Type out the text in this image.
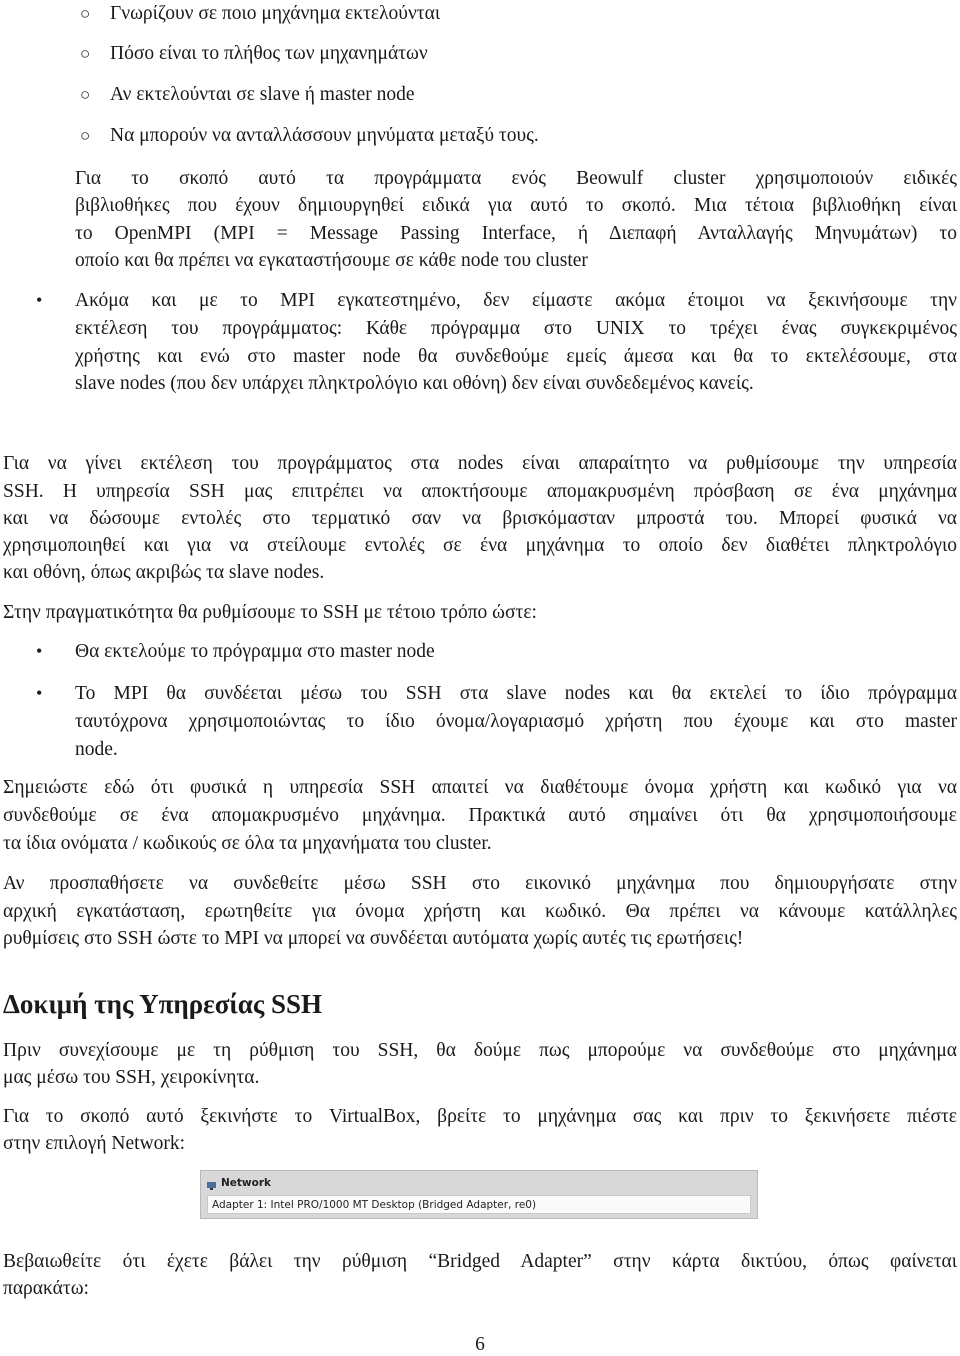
○ Γνωρίζουν σε ποιο μηχάνημα εκτελούνται
○ Πόσο είναι το πλήθος των μηχανημάτων
○ Αν εκτελούνται σε slave ή master node
○ Να μπορούν να ανταλλάσσουν μηνύματα μεταξύ τους.
Για το σκοπό αυτό τα προγράμματα ενός Beowulf cluster χρησιμοποιούν ειδικές
βιβλιοθήκες που έχουν δημιουργηθεί ειδικά για αυτό το σκοπό. Μια τέτοια βιβλιοθήκη είναι
το OpenMPI (MPI = Message Passing Interface, ή Διεπαφή Ανταλλαγής Μηνυμάτων) το
οποίο και θα πρέπει να εγκαταστήσουμε σε κάθε node του cluster
• Ακόμα και με το MPI εγκατεστημένο, δεν είμαστε ακόμα έτοιμοι να ξεκινήσουμε την
εκτέλεση του προγράμματος: Κάθε πρόγραμμα στο UNIX το τρέχει ένας συγκεκριμένος
χρήστης και ενώ στο master node θα συνδεθούμε εμείς άμεσα και θα το εκτελέσουμε, στα
slave nodes (που δεν υπάρχει πληκτρολόγιο και οθόνη) δεν είναι συνδεδεμένος κανείς.
Για να γίνει εκτέλεση του προγράμματος στα nodes είναι απαραίτητο να ρυθμίσουμε την υπηρεσία
SSH. Η υπηρεσία SSH μας επιτρέπει να αποκτήσουμε απομακρυσμένη πρόσβαση σε ένα μηχάνημα
και να δώσουμε εντολές στο τερματικό σαν να βρισκόμασταν μπροστά του. Μπορεί φυσικά να
χρησιμοποιηθεί και για να στείλουμε εντολές σε ένα μηχάνημα το οποίο δεν διαθέτει πληκτρολόγιο
και οθόνη, όπως ακριβώς τα slave nodes.
Στην πραγματικότητα θα ρυθμίσουμε το SSH με τέτοιο τρόπο ώστε:
• Θα εκτελούμε το πρόγραμμα στο master node
• Το MPI θα συνδέεται μέσω του SSH στα slave nodes και θα εκτελεί το ίδιο πρόγραμμα
ταυτόχρονα χρησιμοποιώντας το ίδιο όνομα/λογαριασμό χρήστη που έχουμε και στο master
node.
Σημειώστε εδώ ότι φυσικά η υπηρεσία SSH απαιτεί να διαθέτουμε όνομα χρήστη και κωδικό για να
συνδεθούμε σε ένα απομακρυσμένο μηχάνημα. Πρακτικά αυτό σημαίνει ότι θα χρησιμοποιήσουμε
τα ίδια ονόματα / κωδικούς σε όλα τα μηχανήματα του cluster.
Αν προσπαθήσετε να συνδεθείτε μέσω SSH στο εικονικό μηχάνημα που δημιουργήσατε στην
αρχική εγκατάσταση, ερωτηθείτε για όνομα χρήστη και κωδικό. Θα πρέπει να κάνουμε κατάλληλες
ρυθμίσεις στο SSH ώστε το MPI να μπορεί να συνδέεται αυτόματα χωρίς αυτές τις ερωτήσεις!
Δοκιμή της Υπηρεσίας SSH
Πριν συνεχίσουμε με τη ρύθμιση του SSH, θα δούμε πως μπορούμε να συνδεθούμε στο μηχάνημα
μας μέσω του SSH, χειροκίνητα.
Για το σκοπό αυτό ξεκινήστε το VirtualBox, βρείτε το μηχάνημα σας και πριν το ξεκινήσετε πιέστε
στην επιλογή Network:
Network
Adapter 1: Intel PRO/1000 MT Desktop (Bridged Adapter, re0)
Βεβαιωθείτε ότι έχετε βάλει την ρύθμιση “Bridged Adapter” στην κάρτα δικτύου, όπως φαίνεται
παρακάτω:
6
